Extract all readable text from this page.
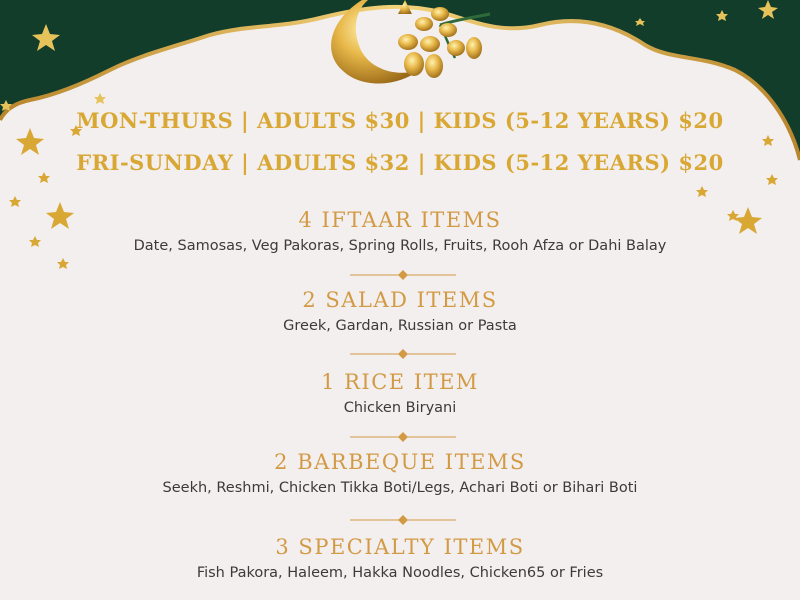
MON-THURS | ADULTS $30 | KIDS (5-12 YEARS) $20
FRI-SUNDAY | ADULTS $32 | KIDS (5-12 YEARS) $20
4 IFTAAR ITEMS
Date, Samosas, Veg Pakoras, Spring Rolls, Fruits, Rooh Afza or Dahi Balay
2 SALAD ITEMS
Greek, Gardan, Russian or Pasta
1 RICE ITEM
Chicken Biryani
2 BARBEQUE ITEMS
Seekh, Reshmi, Chicken Tikka Boti/Legs, Achari Boti or Bihari Boti
3 SPECIALTY ITEMS
Fish Pakora, Haleem, Hakka Noodles, Chicken65 or Fries
